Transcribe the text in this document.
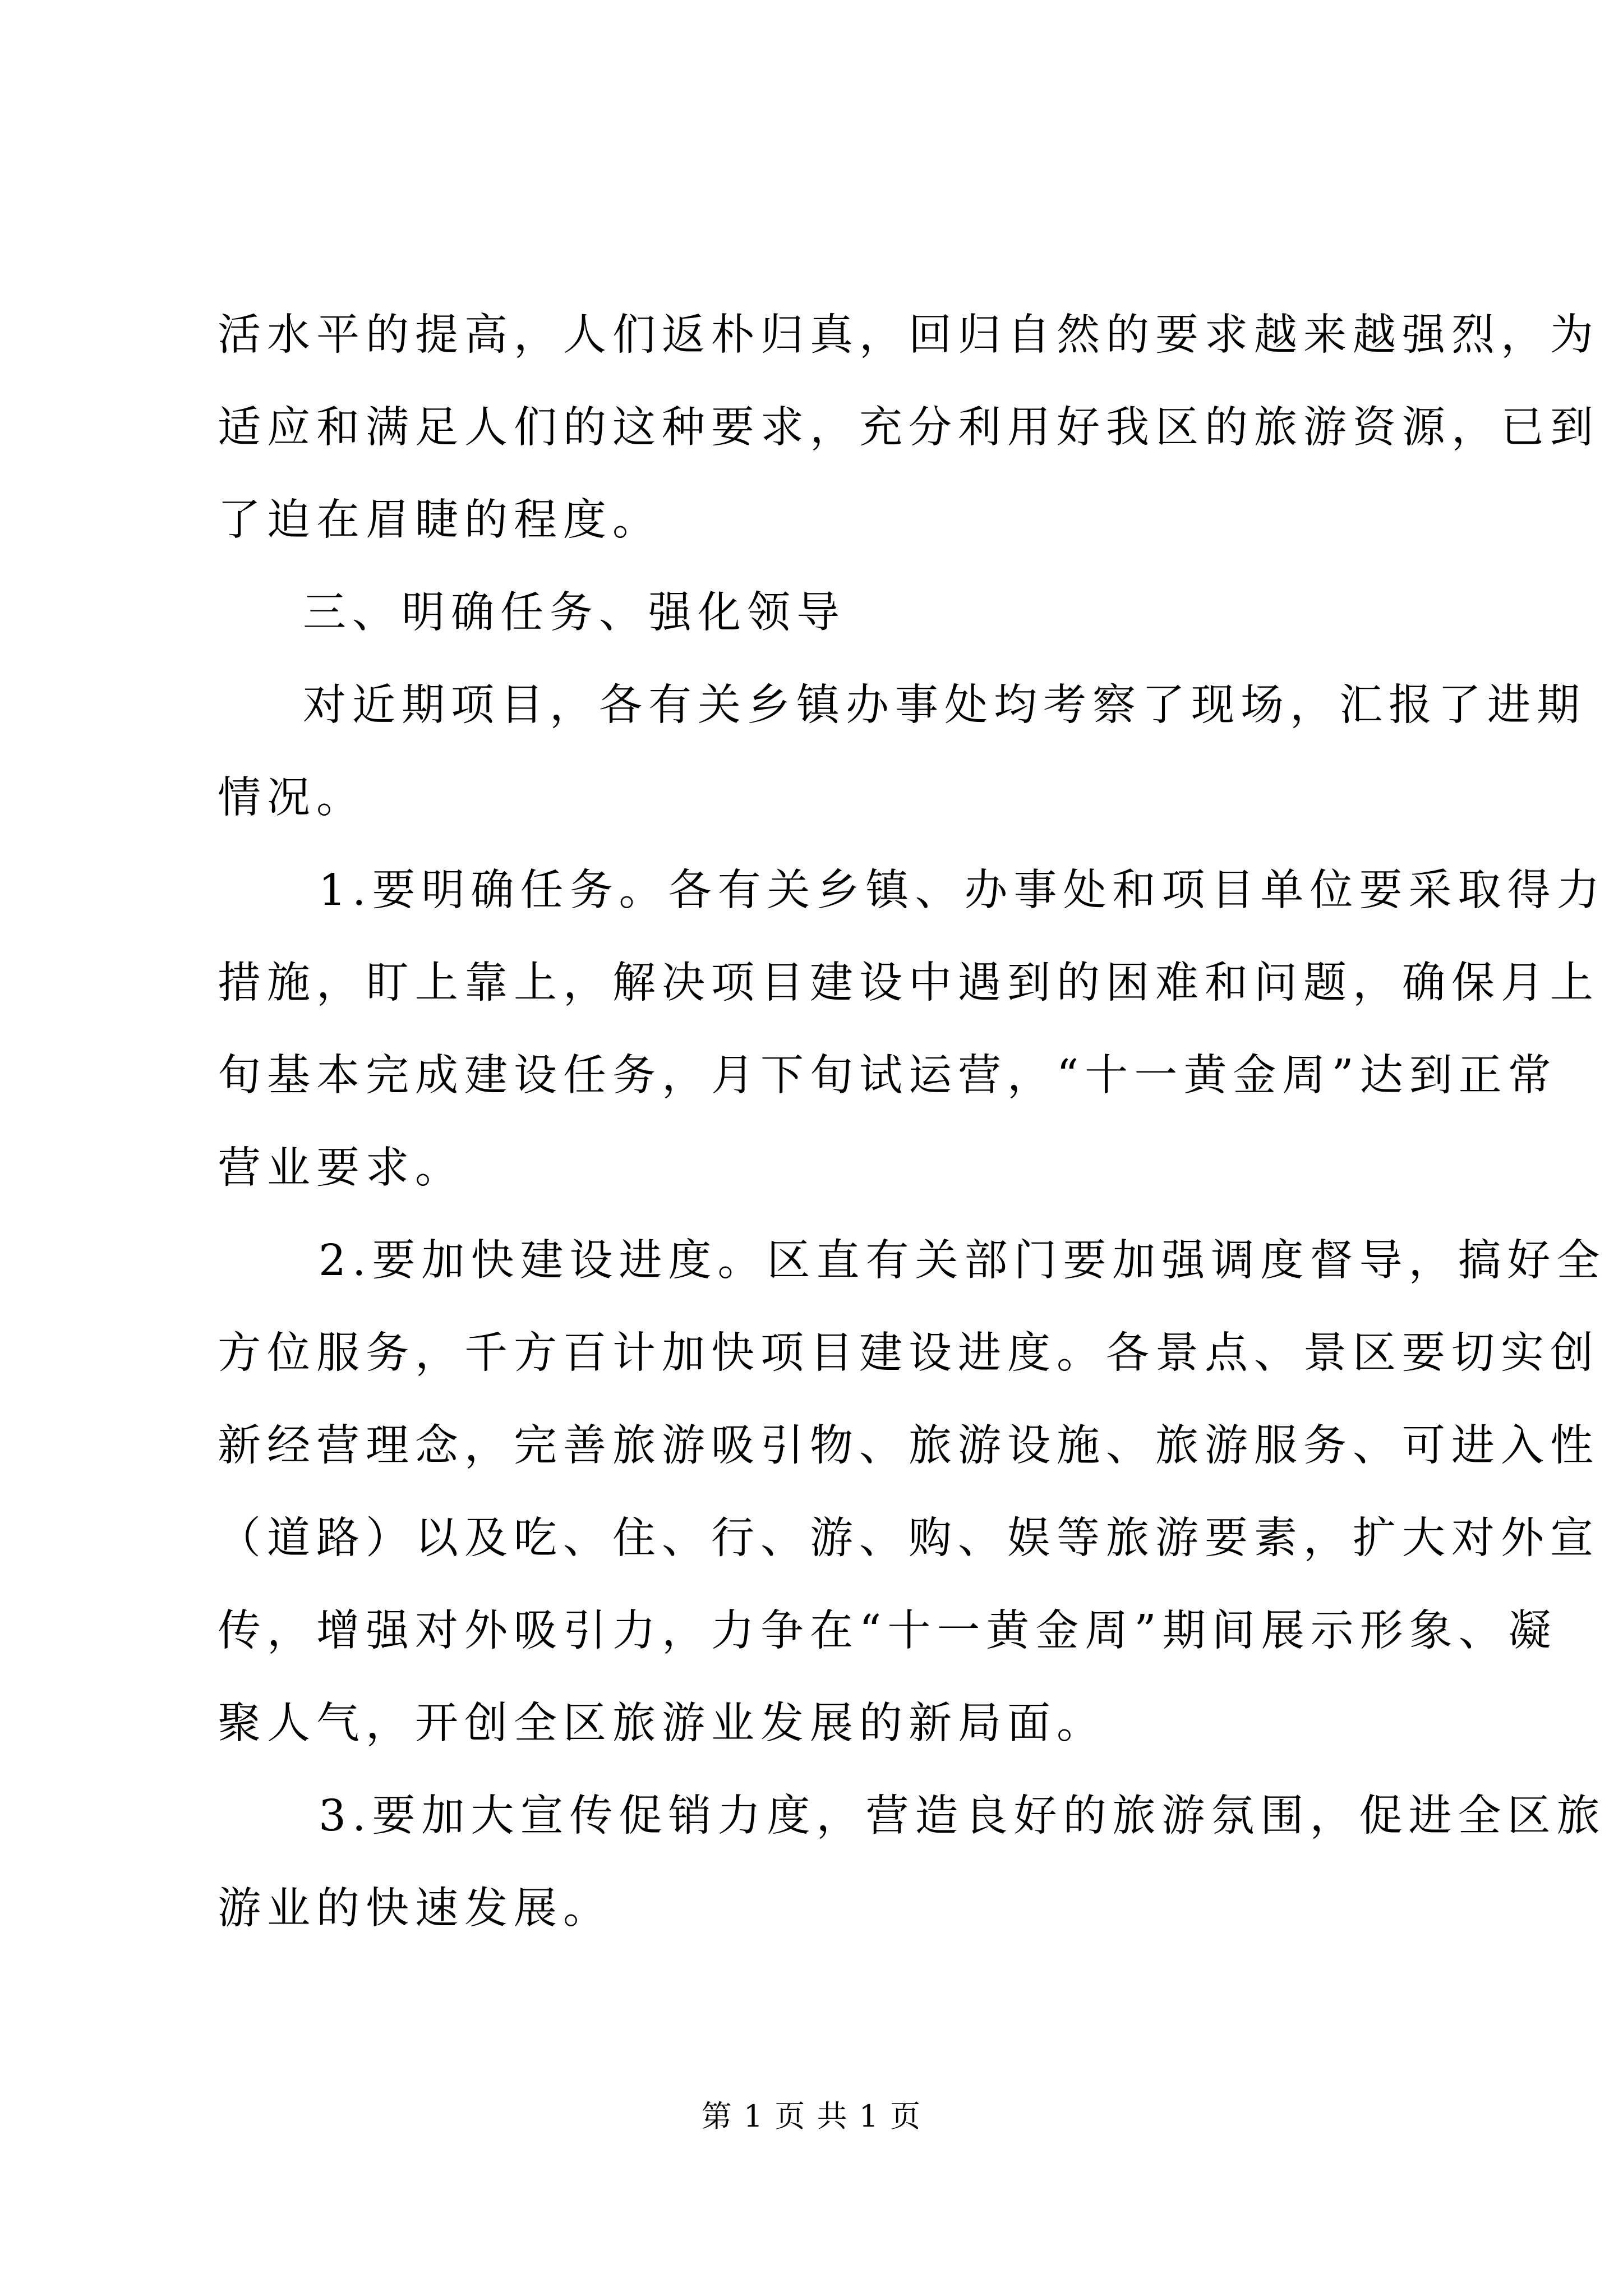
活水平的提高，人们返朴归真，回归自然的要求越来越强烈，为

适应和满足人们的这种要求，充分利用好我区的旅游资源，已到

了迫在眉睫的程度。

三、明确任务、强化领导

对近期项目，各有关乡镇办事处均考察了现场，汇报了进期

情况。

1.要明确任务。各有关乡镇、办事处和项目单位要采取得力

措施，盯上靠上，解决项目建设中遇到的困难和问题，确保月上

旬基本完成建设任务，月下旬试运营，“十一黄金周”达到正常

营业要求。

2.要加快建设进度。区直有关部门要加强调度督导，搞好全

方位服务，千方百计加快项目建设进度。各景点、景区要切实创

新经营理念，完善旅游吸引物、旅游设施、旅游服务、可进入性

（道路）以及吃、住、行、游、购、娱等旅游要素，扩大对外宣

传，增强对外吸引力，力争在“十一黄金周”期间展示形象、凝

聚人气，开创全区旅游业发展的新局面。

3.要加大宣传促销力度，营造良好的旅游氛围，促进全区旅

游业的快速发展。

第 1 页 共 1 页
